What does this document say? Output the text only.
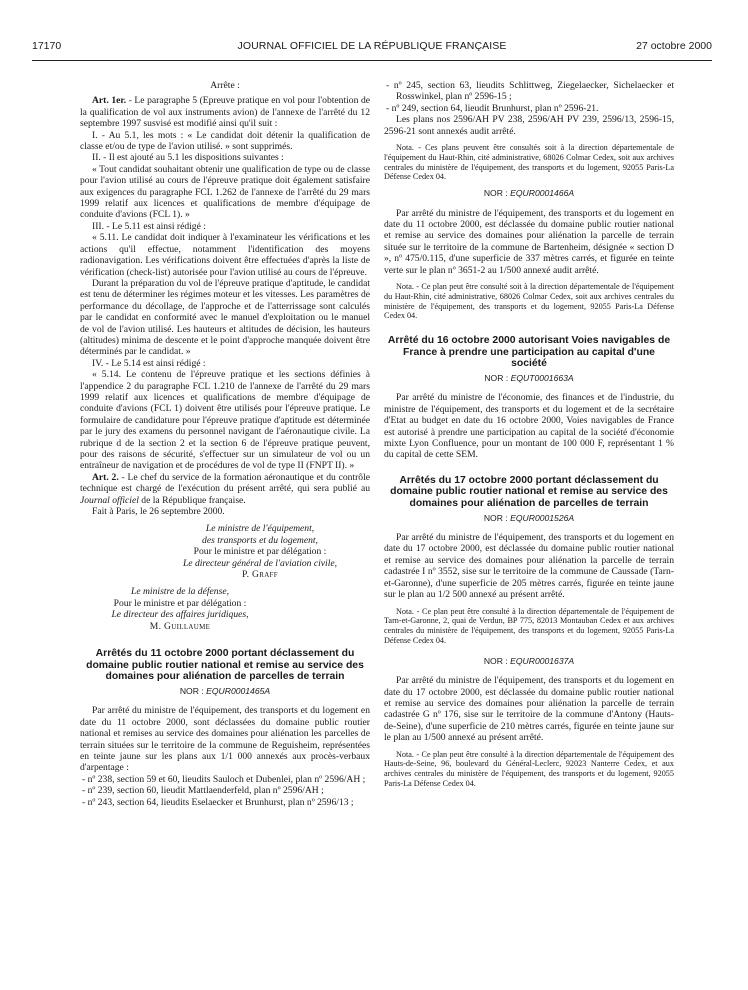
17170	JOURNAL OFFICIEL DE LA RÉPUBLIQUE FRANÇAISE	27 octobre 2000

Arrête :

Art. 1er. - Le paragraphe 5 (Epreuve pratique en vol pour l'obtention de la qualification de vol aux instruments avion) de l'annexe de l'arrêté du 12 septembre 1997 susvisé est modifié ainsi qu'il suit :

I. - Au 5.1, les mots : « Le candidat doit détenir la qualification de classe et/ou de type de l'avion utilisé. » sont supprimés.

II. - Il est ajouté au 5.1 les dispositions suivantes :

« Tout candidat souhaitant obtenir une qualification de type ou de classe pour l'avion utilisé au cours de l'épreuve pratique doit également satisfaire aux exigences du paragraphe FCL 1.262 de l'annexe de l'arrêté du 29 mars 1999 relatif aux licences et qualifications de membre d'équipage de conduite d'avions (FCL 1). »

III. - Le 5.11 est ainsi rédigé :

« 5.11. Le candidat doit indiquer à l'examinateur les vérifications et les actions qu'il effectue, notamment l'identification des moyens radionavigation. Les vérifications doivent être effectuées d'après la liste de vérification (check-list) autorisée pour l'avion utilisé au cours de l'épreuve.

Durant la préparation du vol de l'épreuve pratique d'aptitude, le candidat est tenu de déterminer les régimes moteur et les vitesses. Les paramètres de performance du décollage, de l'approche et de l'atterrissage sont calculés par le candidat en conformité avec le manuel d'exploitation ou le manuel de vol de l'avion utilisé. Les hauteurs et altitudes de décision, les hauteurs (altitudes) minima de descente et le point d'approche manquée doivent être déterminés par le candidat. »

IV. - Le 5.14 est ainsi rédigé :

« 5.14. Le contenu de l'épreuve pratique et les sections définies à l'appendice 2 du paragraphe FCL 1.210 de l'annexe de l'arrêté du 29 mars 1999 relatif aux licences et qualifications de membre d'équipage de conduite d'avions (FCL 1) doivent être utilisés pour l'épreuve pratique. Le formulaire de candidature pour l'épreuve pratique d'aptitude est déterminée par le jury des examens du personnel navigant de l'aéronautique civile. La rubrique d de la section 2 et la section 6 de l'épreuve pratique peuvent, pour des raisons de sécurité, s'effectuer sur un simulateur de vol ou un entraîneur de navigation et de procédures de vol de type II (FNPT II). »

Art. 2. - Le chef du service de la formation aéronautique et du contrôle technique est chargé de l'exécution du présent arrêté, qui sera publié au Journal officiel de la République française.

Fait à Paris, le 26 septembre 2000.

Le ministre de l'équipement,

des transports et du logement,

Pour le ministre et par délégation :

Le directeur général de l'aviation civile,

P. Graff

Le ministre de la défense,

Pour le ministre et par délégation :

Le directeur des affaires juridiques,

M. Guillaume

Arrêtés du 11 octobre 2000 portant déclassement du domaine public routier national et remise au service des domaines pour aliénation de parcelles de terrain
NOR : EQUR0001465A

Par arrêté du ministre de l'équipement, des transports et du logement en date du 11 octobre 2000, sont déclassées du domaine public routier national et remises au service des domaines pour aliénation les parcelles de terrain situées sur le territoire de la commune de Reguisheim, représentées en teinte jaune sur les plans aux 1/1 000 annexés aux procès-verbaux d'arpentage :

- nº 238, section 59 et 60, lieudits Sauloch et Dubenlei, plan nº 2596/AH ;

- nº 239, section 60, lieudit Mattlaenderfeld, plan nº 2596/AH ;

- nº 243, section 64, lieudits Eselaecker et Brunhurst, plan nº 2596/13 ;

- nº 245, section 63, lieudits Schlittweg, Ziegelaecker, Sichelaecker et Rosswinkel, plan nº 2596-15 ;

- nº 249, section 64, lieudit Brunhurst, plan nº 2596-21.

Les plans nos 2596/AH PV 238, 2596/AH PV 239, 2596/13, 2596-15, 2596-21 sont annexés audit arrêté.

Nota. - Ces plans peuvent être consultés soit à la direction départementale de l'équipement du Haut-Rhin, cité administrative, 68026 Colmar Cedex, soit aux archives centrales du ministère de l'équipement, des transports et du logement, 92055 Paris-La Défense Cedex 04.

NOR : EQUR0001466A

Par arrêté du ministre de l'équipement, des transports et du logement en date du 11 octobre 2000, est déclassée du domaine public routier national et remise au service des domaines pour aliénation la parcelle de terrain située sur le territoire de la commune de Bartenheim, désignée « section D », nº 475/0.115, d'une superficie de 337 mètres carrés, et figurée en teinte verte sur le plan nº 3651-2 au 1/500 annexé audit arrêté.

Nota. - Ce plan peut être consulté soit à la direction départementale de l'équipement du Haut-Rhin, cité administrative, 68026 Colmar Cedex, soit aux archives centrales du ministère de l'équipement, des transports et du logement, 92055 Paris-La Défense Cedex 04.

Arrêté du 16 octobre 2000 autorisant Voies navigables de France à prendre une participation au capital d'une société
NOR : EQUT0001663A

Par arrêté du ministre de l'économie, des finances et de l'industrie, du ministre de l'équipement, des transports et du logement et de la secrétaire d'Etat au budget en date du 16 octobre 2000, Voies navigables de France est autorisé à prendre une participation au capital de la société d'économie mixte Lyon Confluence, pour un montant de 100 000 F, représentant 1 % du capital de cette SEM.

Arrêtés du 17 octobre 2000 portant déclassement du domaine public routier national et remise au service des domaines pour aliénation de parcelles de terrain
NOR : EQUR0001526A

Par arrêté du ministre de l'équipement, des transports et du logement en date du 17 octobre 2000, est déclassée du domaine public routier national et remise au service des domaines pour aliénation la parcelle de terrain cadastrée I nº 3552, sise sur le territoire de la commune de Caussade (Tarn-et-Garonne), d'une superficie de 205 mètres carrés, figurée en teinte jaune sur le plan au 1/2 500 annexé au présent arrêté.

Nota. - Ce plan peut être consulté à la direction départementale de l'équipement de Tarn-et-Garonne, 2, quai de Verdun, BP 775, 82013 Montauban Cedex et aux archives centrales du ministère de l'équipement, des transports et du logement, 92055 Paris-La Défense Cedex 04.

NOR : EQUR0001637A

Par arrêté du ministre de l'équipement, des transports et du logement en date du 17 octobre 2000, est déclassée du domaine public routier national et remise au service des domaines pour aliénation la parcelle de terrain cadastrée G nº 176, sise sur le territoire de la commune d'Antony (Hauts-de-Seine), d'une superficie de 210 mètres carrés, figurée en teinte jaune sur le plan au 1/500 annexé au présent arrêté.

Nota. - Ce plan peut être consulté à la direction départementale de l'équipement des Hauts-de-Seine, 96, boulevard du Général-Leclerc, 92023 Nanterre Cedex, et aux archives centrales du ministère de l'équipement, des transports et du logement, 92055 Paris-La Défense Cedex 04.
